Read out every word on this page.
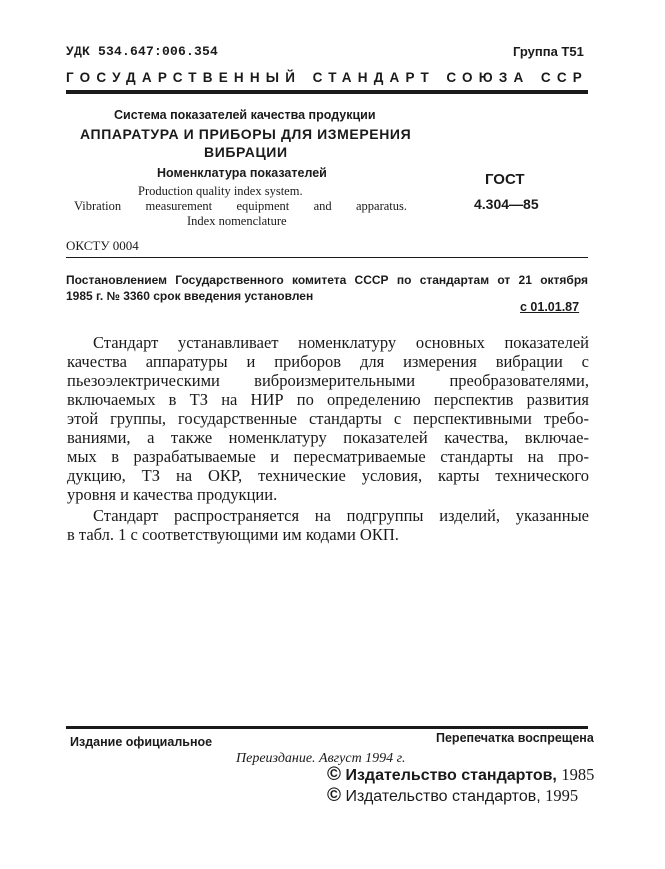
УДК 534.647:006.354	Группа Т51
ГОСУДАРСТВЕННЫЙ СТАНДАРТ СОЮЗА ССР
Система показателей качества продукции
АППАРАТУРА И ПРИБОРЫ ДЛЯ ИЗМЕРЕНИЯ
ВИБРАЦИИ
Номенклатура показателей
Production quality index system.
Vibration measurement equipment and apparatus.
Index nomenclature
ГОСТ
4.304—85
ОКСТУ 0004
Постановлением Государственного комитета СССР по стандартам от 21 октября
1985 г. № 3360 срок введения установлен
с 01.01.87
Стандарт устанавливает номенклатуру основных показателей
качества аппаратуры и приборов для измерения вибрации с
пьезоэлектрическими виброизмерительными преобразователями,
включаемых в ТЗ на НИР по определению перспектив развития
этой группы, государственные стандарты с перспективными требо-
ваниями, а также номенклатуру показателей качества, включае-
мых в разрабатываемые и пересматриваемые стандарты на про-
дукцию, ТЗ на ОКР, технические условия, карты технического
уровня и качества продукции.
Стандарт распространяется на подгруппы изделий, указанные
в табл. 1 с соответствующими им кодами ОКП.
Издание официальное	Перепечатка воспрещена
Переиздание. Август 1994 г.
© Издательство стандартов, 1985
© Издательство стандартов, 1995
